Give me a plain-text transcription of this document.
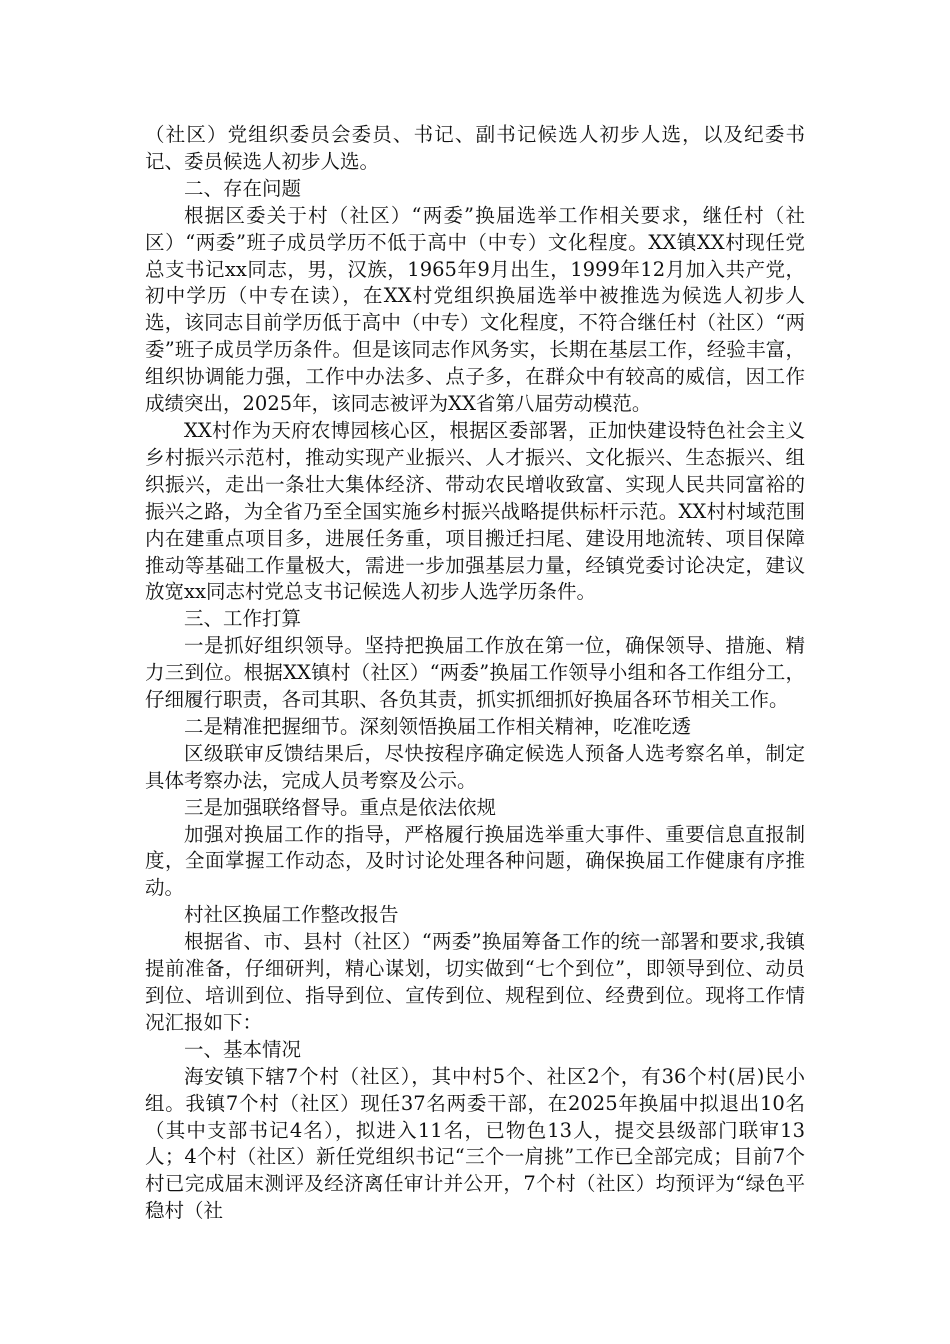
（社区）党组织委员会委员、书记、副书记候选人初步人选，以及纪委书记、委员候选人初步人选。

二、存在问题

根据区委关于村（社区）“两委”换届选举工作相关要求，继任村（社区）“两委”班子成员学历不低于高中（中专）文化程度。XX镇XX村现任党总支书记xx同志，男，汉族，1965年9月出生，1999年12月加入共产党，初中学历（中专在读），在XX村党组织换届选举中被推选为候选人初步人选，该同志目前学历低于高中（中专）文化程度，不符合继任村（社区）“两委”班子成员学历条件。但是该同志作风务实，长期在基层工作，经验丰富，组织协调能力强，工作中办法多、点子多，在群众中有较高的威信，因工作成绩突出，2025年，该同志被评为XX省第八届劳动模范。

XX村作为天府农博园核心区，根据区委部署，正加快建设特色社会主义乡村振兴示范村，推动实现产业振兴、人才振兴、文化振兴、生态振兴、组织振兴，走出一条壮大集体经济、带动农民增收致富、实现人民共同富裕的振兴之路，为全省乃至全国实施乡村振兴战略提供标杆示范。XX村村域范围内在建重点项目多，进展任务重，项目搬迁扫尾、建设用地流转、项目保障推动等基础工作量极大，需进一步加强基层力量，经镇党委讨论决定，建议放宽xx同志村党总支书记候选人初步人选学历条件。

三、工作打算

一是抓好组织领导。坚持把换届工作放在第一位，确保领导、措施、精力三到位。根据XX镇村（社区）“两委”换届工作领导小组和各工作组分工，仔细履行职责，各司其职、各负其责，抓实抓细抓好换届各环节相关工作。

二是精准把握细节。深刻领悟换届工作相关精神，吃准吃透

区级联审反馈结果后，尽快按程序确定候选人预备人选考察名单，制定具体考察办法，完成人员考察及公示。

三是加强联络督导。重点是依法依规

加强对换届工作的指导，严格履行换届选举重大事件、重要信息直报制度，全面掌握工作动态，及时讨论处理各种问题，确保换届工作健康有序推动。

村社区换届工作整改报告

根据省、市、县村（社区）“两委”换届筹备工作的统一部署和要求,我镇提前准备，仔细研判，精心谋划，切实做到“七个到位”，即领导到位、动员到位、培训到位、指导到位、宣传到位、规程到位、经费到位。现将工作情况汇报如下：

一、基本情况

海安镇下辖7个村（社区），其中村5个、社区2个，有36个村(居)民小组。我镇7个村（社区）现任37名两委干部，在2025年换届中拟退出10名（其中支部书记4名），拟进入11名，已物色13人，提交县级部门联审13人；4个村（社区）新任党组织书记“三个一肩挑”工作已全部完成；目前7个村已完成届末测评及经济离任审计并公开，7个村（社区）均预评为“绿色平稳村（社
